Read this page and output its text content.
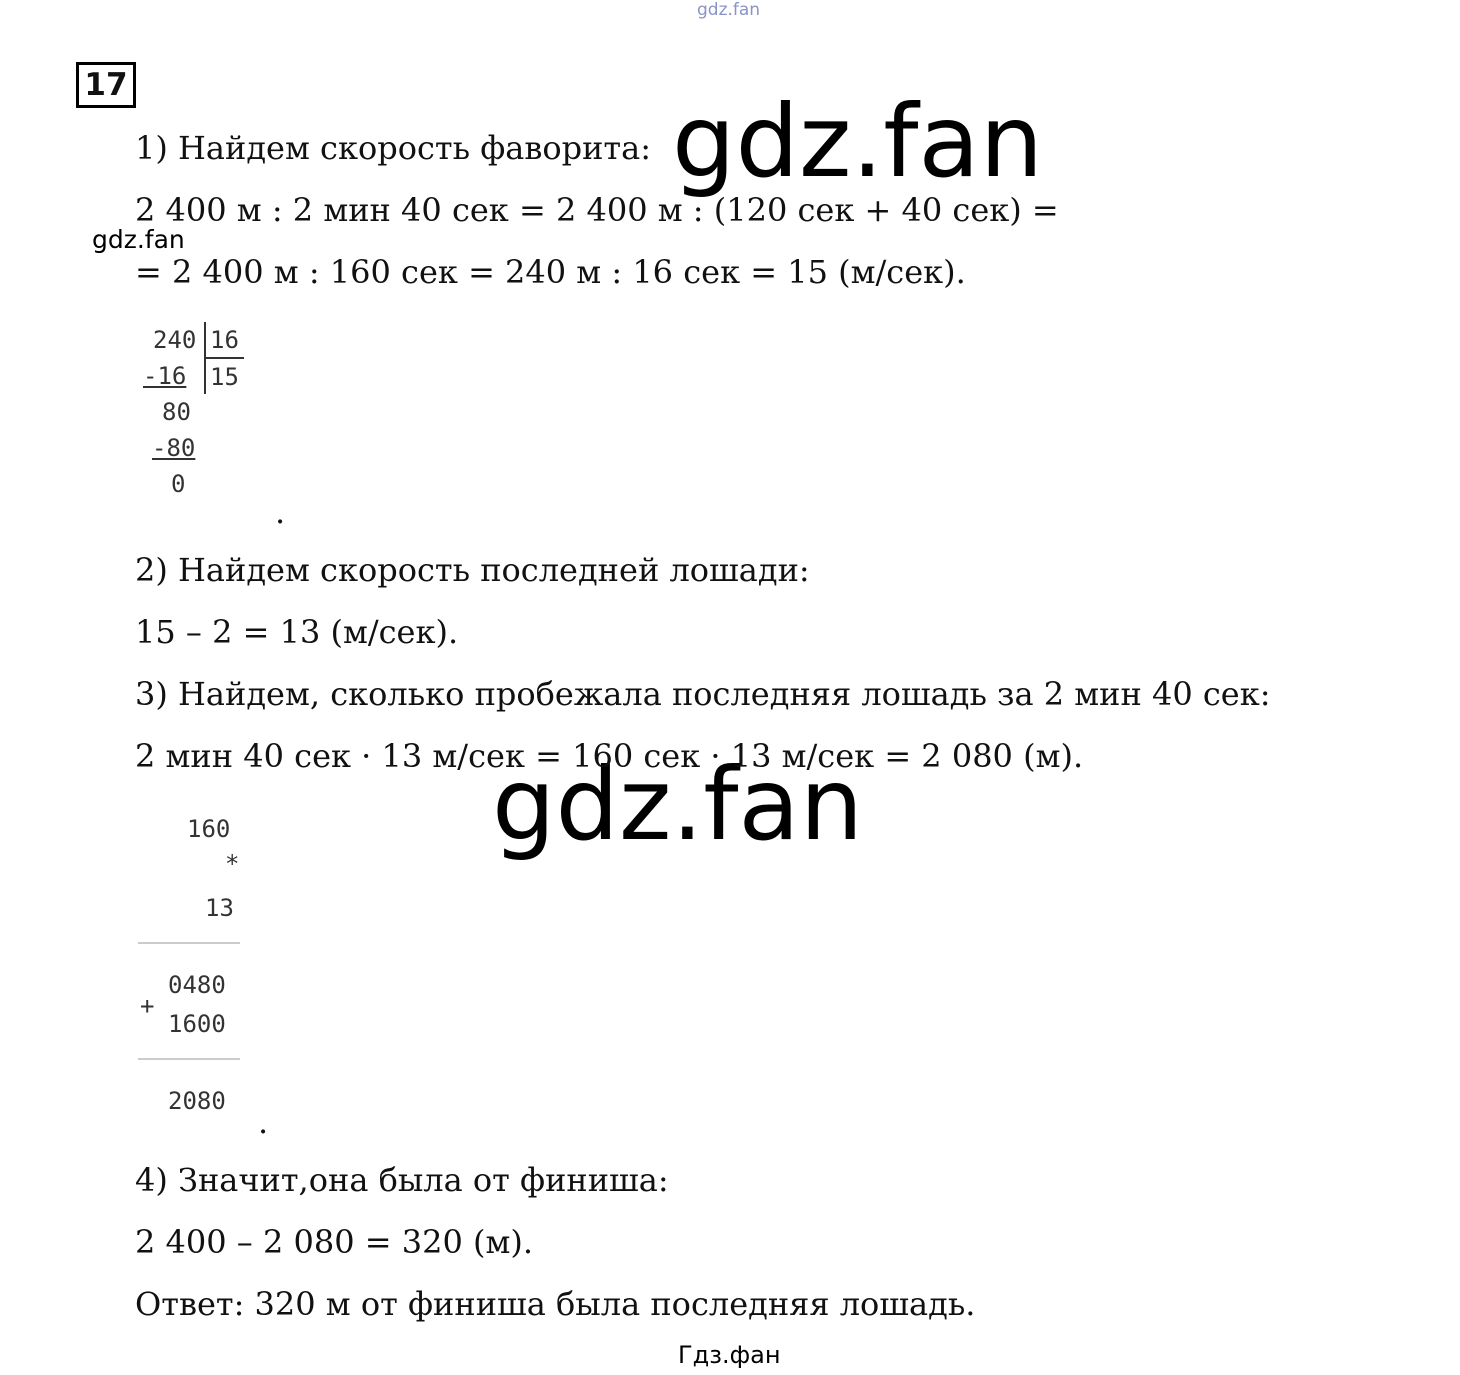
gdz.fan
gdz.fan
gdz.fan
gdz.fan
Гдз.фан
17
1) Найдем скорость фаворита:
2 400 м : 2 мин 40 сек = 2 400 м : (120 сек + 40 сек) =
= 2 400 м : 160 сек = 240 м : 16 сек = 15 (м/сек).
240 16
-16 15
80
-80
0
.
2) Найдем скорость последней лошади:
15 – 2 = 13 (м/сек).
3) Найдем, сколько пробежала последняя лошадь за 2 мин 40 сек:
2 мин 40 сек · 13 м/сек = 160 сек · 13 м/сек = 2 080 (м).
160
*
13
0480
+
1600
2080
.
4) Значит,она была от финиша:
2 400 – 2 080 = 320 (м).
Ответ: 320 м от финиша была последняя лошадь.
